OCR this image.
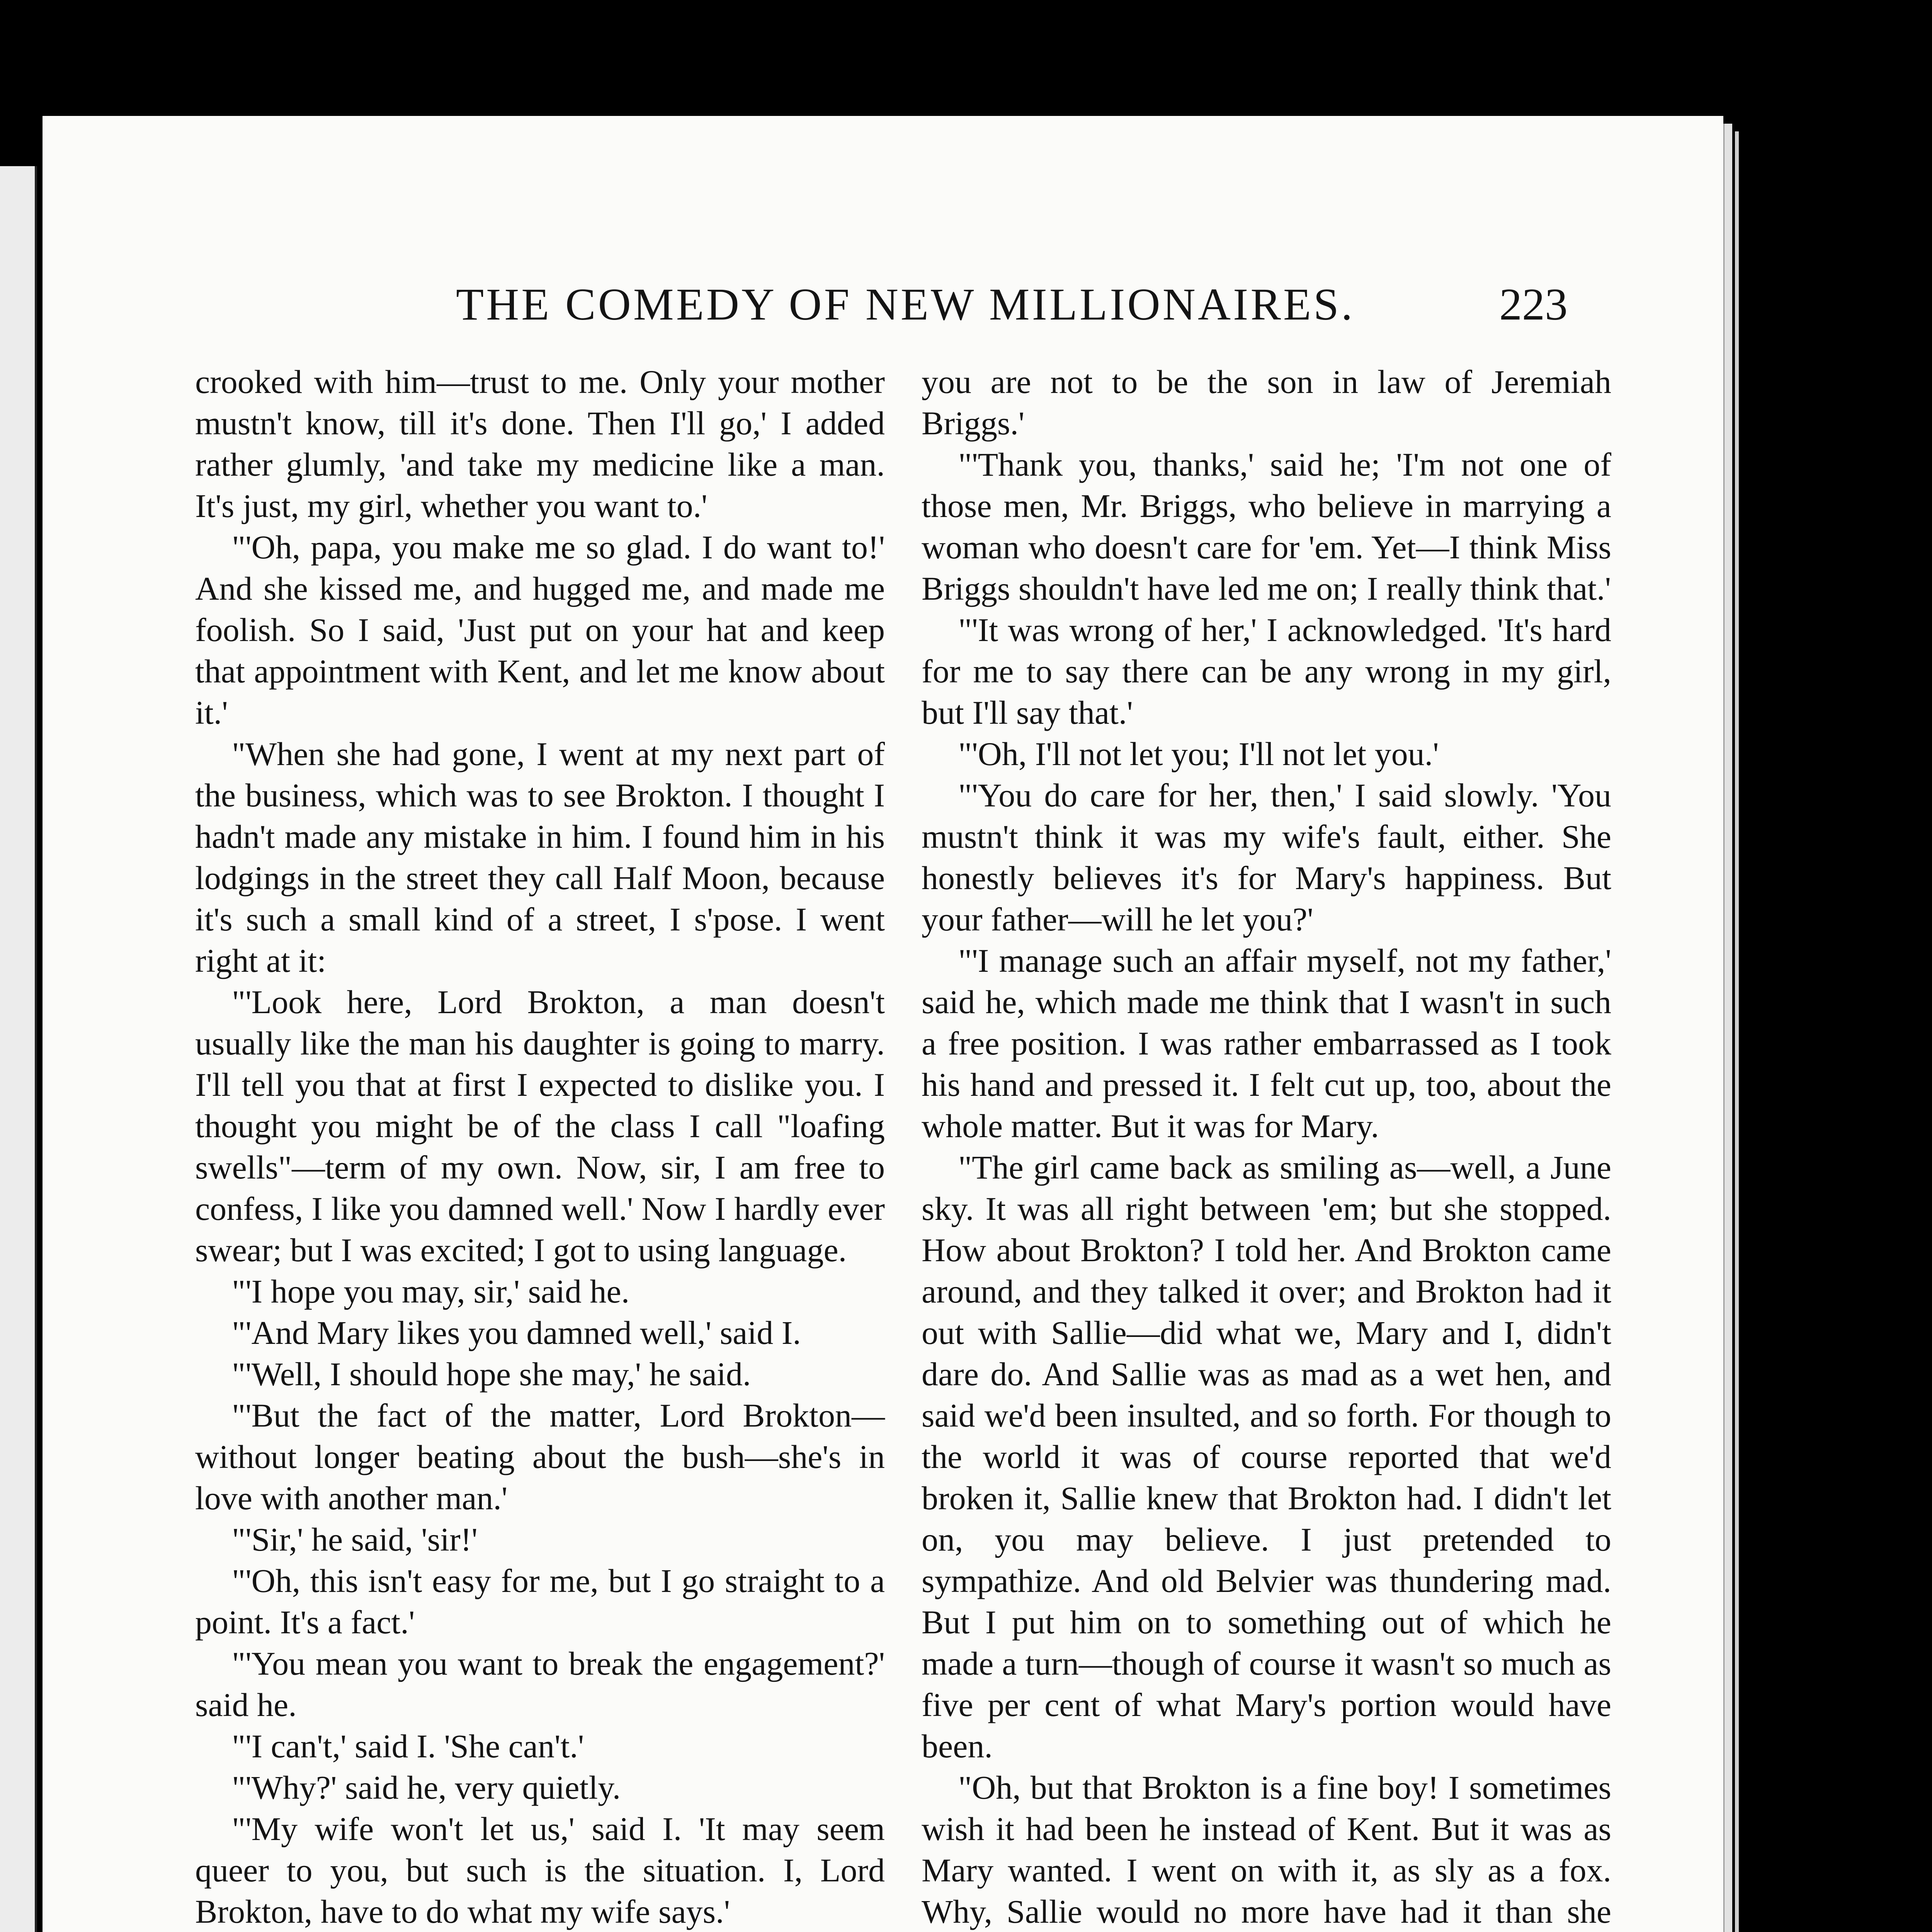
THE COMEDY OF NEW MILLIONAIRES.	223

crooked with him—trust to me. Only your mother mustn't know, till it's done. Then I'll go,' I added rather glumly, 'and take my medicine like a man. It's just, my girl, whether you want to.'

"'Oh, papa, you make me so glad. I do want to!' And she kissed me, and hugged me, and made me foolish. So I said, 'Just put on your hat and keep that appointment with Kent, and let me know about it.'

"When she had gone, I went at my next part of the business, which was to see Brokton. I thought I hadn't made any mistake in him. I found him in his lodgings in the street they call Half Moon, because it's such a small kind of a street, I s'pose. I went right at it:

"'Look here, Lord Brokton, a man doesn't usually like the man his daughter is going to marry. I'll tell you that at first I expected to dislike you. I thought you might be of the class I call "loafing swells"—term of my own. Now, sir, I am free to confess, I like you damned well.' Now I hardly ever swear; but I was excited; I got to using language.

"'I hope you may, sir,' said he.

"'And Mary likes you damned well,' said I.

"'Well, I should hope she may,' he said.

"'But the fact of the matter, Lord Brokton—without longer beating about the bush—she's in love with another man.'

"'Sir,' he said, 'sir!'

"'Oh, this isn't easy for me, but I go straight to a point. It's a fact.'

"'You mean you want to break the engagement?' said he.

"'I can't,' said I. 'She can't.'

"'Why?' said he, very quietly.

"'My wife won't let us,' said I. 'It may seem queer to you, but such is the situation. I, Lord Brokton, have to do what my wife says.'

you are not to be the son in law of Jeremiah Briggs.'

"'Thank you, thanks,' said he; 'I'm not one of those men, Mr. Briggs, who believe in marrying a woman who doesn't care for 'em. Yet—I think Miss Briggs shouldn't have led me on; I really think that.'

"'It was wrong of her,' I acknowledged. 'It's hard for me to say there can be any wrong in my girl, but I'll say that.'

"'Oh, I'll not let you; I'll not let you.'

"'You do care for her, then,' I said slowly. 'You mustn't think it was my wife's fault, either. She honestly believes it's for Mary's happiness. But your father—will he let you?'

"'I manage such an affair myself, not my father,' said he, which made me think that I wasn't in such a free position. I was rather embarrassed as I took his hand and pressed it. I felt cut up, too, about the whole matter. But it was for Mary.

"The girl came back as smiling as—well, a June sky. It was all right between 'em; but she stopped. How about Brokton? I told her. And Brokton came around, and they talked it over; and Brokton had it out with Sallie—did what we, Mary and I, didn't dare do. And Sallie was as mad as a wet hen, and said we'd been insulted, and so forth. For though to the world it was of course reported that we'd broken it, Sallie knew that Brokton had. I didn't let on, you may believe. I just pretended to sympathize. And old Belvier was thundering mad. But I put him on to something out of which he made a turn—though of course it wasn't so much as five per cent of what Mary's portion would have been.

"Oh, but that Brokton is a fine boy! I sometimes wish it had been he instead of Kent. But it was as Mary wanted. I went on with it, as sly as a fox. Why, Sallie would no more have had it than she
